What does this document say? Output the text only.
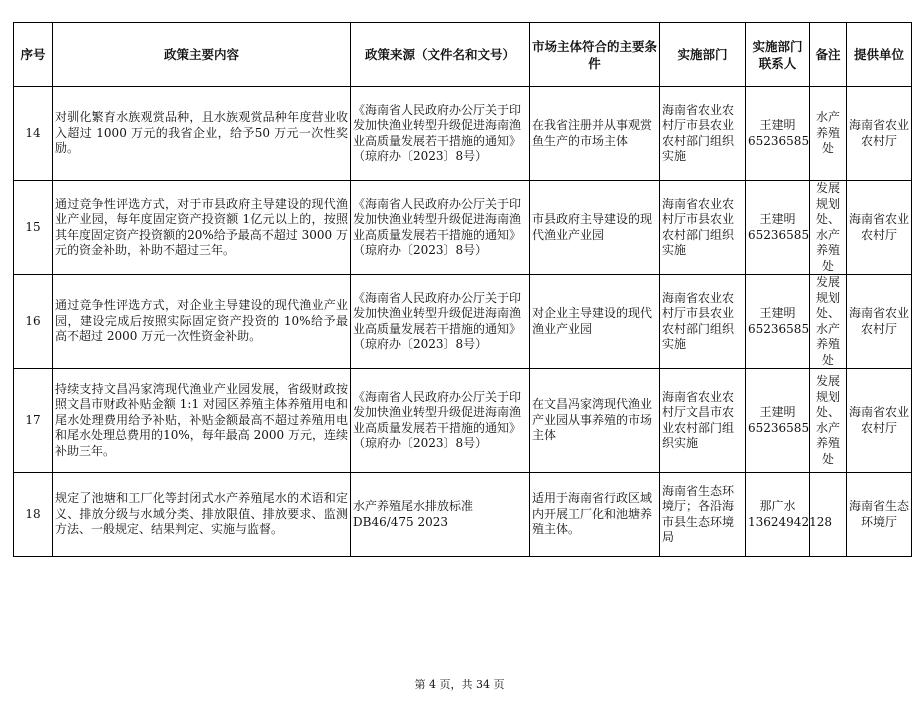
序号	政策主要内容	政策来源（文件名和文号）	市场主体符合的主要条件	实施部门	实施部门联系人	备注	提供单位
14	对驯化繁育水族观赏品种，且水族观赏品种年度营业收入超过 1000 万元的我省企业，给予50 万元一次性奖励。	《海南省人民政府办公厅关于印发加快渔业转型升级促进海南渔业高质量发展若干措施的通知》（琼府办〔2023〕8号）	在我省注册并从事观赏鱼生产的市场主体	海南省农业农村厅市县农业农村部门组织实施	王建明 65236585	水产养殖处	海南省农业农村厅
15	通过竞争性评选方式，对于市县政府主导建设的现代渔业产业园，每年度固定资产投资额 1亿元以上的，按照其年度固定资产投资额的20%给予最高不超过 3000 万元的资金补助，补助不超过三年。	《海南省人民政府办公厅关于印发加快渔业转型升级促进海南渔业高质量发展若干措施的通知》（琼府办〔2023〕8号）	市县政府主导建设的现代渔业产业园	海南省农业农村厅市县农业农村部门组织实施	王建明 65236585	发展规划处、水产养殖处	海南省农业农村厅
16	通过竞争性评选方式，对企业主导建设的现代渔业产业园，建设完成后按照实际固定资产投资的 10%给予最高不超过 2000 万元一次性资金补助。	《海南省人民政府办公厅关于印发加快渔业转型升级促进海南渔业高质量发展若干措施的通知》（琼府办〔2023〕8号）	对企业主导建设的现代渔业产业园	海南省农业农村厅市县农业农村部门组织实施	王建明 65236585	发展规划处、水产养殖处	海南省农业农村厅
17	持续支持文昌冯家湾现代渔业产业园发展，省级财政按照文昌市财政补贴金额 1:1 对园区养殖主体养殖用电和尾水处理费用给予补贴，补贴金额最高不超过养殖用电和尾水处理总费用的10%，每年最高 2000 万元，连续补助三年。	《海南省人民政府办公厅关于印发加快渔业转型升级促进海南渔业高质量发展若干措施的通知》（琼府办〔2023〕8号）	在文昌冯家湾现代渔业产业园从事养殖的市场主体	海南省农业农村厅文昌市农业农村部门组织实施	王建明 65236585	发展规划处、水产养殖处	海南省农业农村厅
18	规定了池塘和工厂化等封闭式水产养殖尾水的术语和定义、排放分级与水域分类、排放限值、排放要求、监测方法、一般规定、结果判定、实施与监督。	水产养殖尾水排放标准DB46/475 2023	适用于海南省行政区域内开展工厂化和池塘养殖主体。	海南省生态环境厅；各沿海市县生态环境局	那广水 13624942128		海南省生态环境厅
第 4 页，共 34 页
